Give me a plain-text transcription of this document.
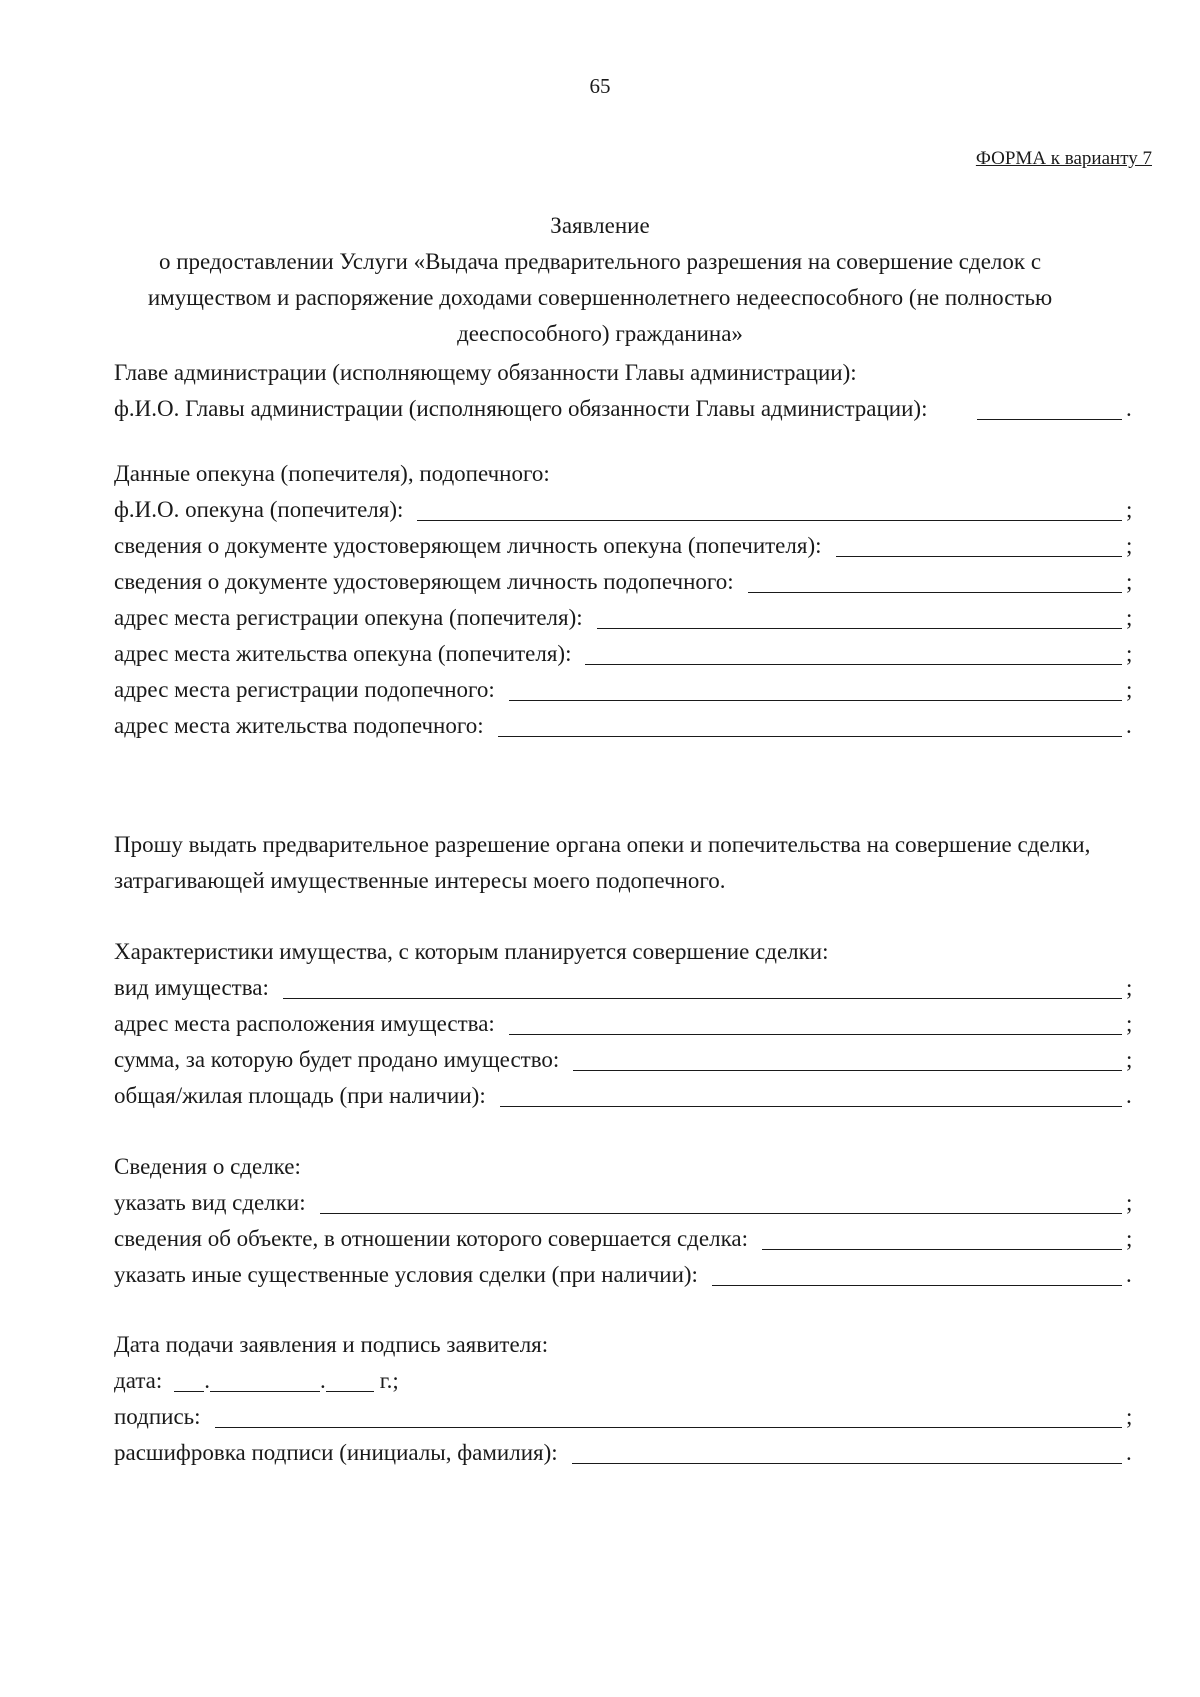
65
ФОРМА к варианту 7
Заявление
о предоставлении Услуги «Выдача предварительного разрешения на совершение сделок с имуществом и распоряжение доходами совершеннолетнего недееспособного (не полностью дееспособного) гражданина»
Главе администрации (исполняющему обязанности Главы администрации):
ф.И.О. Главы администрации (исполняющего обязанности Главы администрации):	.
Данные опекуна (попечителя), подопечного:
ф.И.О. опекуна (попечителя):	;
сведения о документе удостоверяющем личность опекуна (попечителя):	;
сведения о документе удостоверяющем личность подопечного:	;
адрес места регистрации опекуна (попечителя):	;
адрес места жительства опекуна (попечителя):	;
адрес места регистрации подопечного:	;
адрес места жительства подопечного:	.
Прошу выдать предварительное разрешение органа опеки и попечительства на совершение сделки, затрагивающей имущественные интересы моего подопечного.
Характеристики имущества, с которым планируется совершение сделки:
вид имущества:	;
адрес места расположения имущества:	;
сумма, за которую будет продано имущество:	;
общая/жилая площадь (при наличии):	.
Сведения о сделке:
указать вид сделки:	;
сведения об объекте, в отношении которого совершается сделка:	;
указать иные существенные условия сделки (при наличии):	.
Дата подачи заявления и подпись заявителя:
дата: .	. г.;
подпись:	;
расшифровка подписи (инициалы, фамилия):	.
